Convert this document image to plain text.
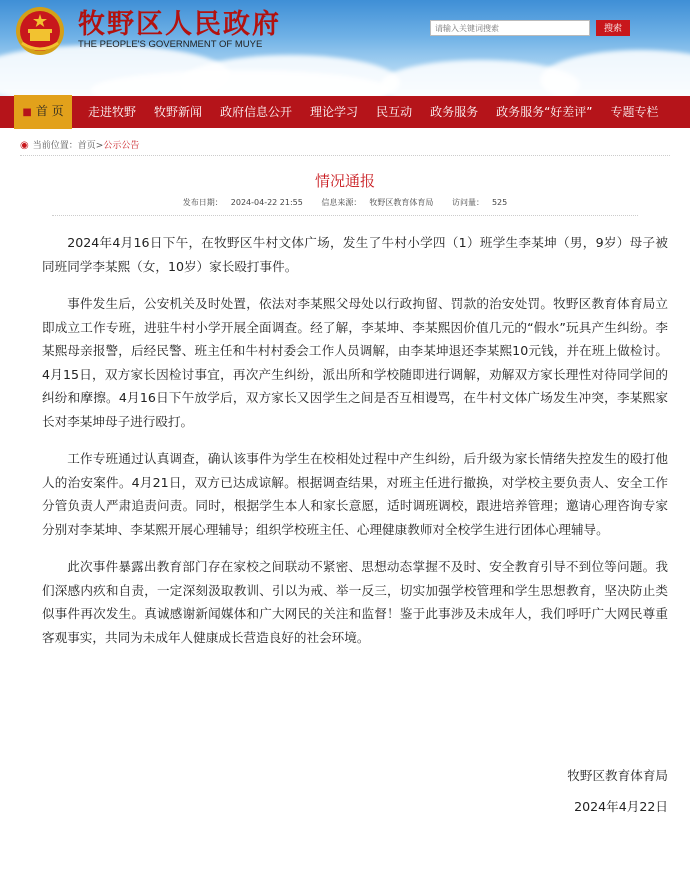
牧野区人民政府
THE PEOPLE'S GOVERNMENT OF MUYE
请输入关键词搜索
搜索
■ 首 页	走进牧野	牧野新闻	政府信息公开	理论学习	民互动	政务服务	政务服务“好差评”	专题专栏
◉ 当前位置：首页>公示公告
情况通报
发布日期： 2024-04-22 21:55 信息来源： 牧野区教育体育局 访问量： 525

2024年4月16日下午，在牧野区牛村文体广场，发生了牛村小学四（1）班学生李某坤（男，9岁）母子被同班同学李某熙（女，10岁）家长殴打事件。

事件发生后，公安机关及时处置，依法对李某熙父母处以行政拘留、罚款的治安处罚。牧野区教育体育局立即成立工作专班，进驻牛村小学开展全面调查。经了解，李某坤、李某熙因价值几元的“假水”玩具产生纠纷。李某熙母亲报警，后经民警、班主任和牛村村委会工作人员调解，由李某坤退还李某熙10元钱，并在班上做检讨。4月15日，双方家长因检讨事宜，再次产生纠纷，派出所和学校随即进行调解，劝解双方家长理性对待同学间的纠纷和摩擦。4月16日下午放学后，双方家长又因学生之间是否互相谩骂，在牛村文体广场发生冲突，李某熙家长对李某坤母子进行殴打。

工作专班通过认真调查，确认该事件为学生在校相处过程中产生纠纷，后升级为家长情绪失控发生的殴打他人的治安案件。4月21日，双方已达成谅解。根据调查结果，对班主任进行撤换，对学校主要负责人、安全工作分管负责人严肃追责问责。同时，根据学生本人和家长意愿，适时调班调校，跟进培养管理；邀请心理咨询专家分别对李某坤、李某熙开展心理辅导；组织学校班主任、心理健康教师对全校学生进行团体心理辅导。

此次事件暴露出教育部门存在家校之间联动不紧密、思想动态掌握不及时、安全教育引导不到位等问题。我们深感内疚和自责，一定深刻汲取教训、引以为戒、举一反三，切实加强学校管理和学生思想教育，坚决防止类似事件再次发生。真诚感谢新闻媒体和广大网民的关注和监督！鉴于此事涉及未成年人，我们呼吁广大网民尊重客观事实，共同为未成年人健康成长营造良好的社会环境。

牧野区教育体育局
2024年4月22日
